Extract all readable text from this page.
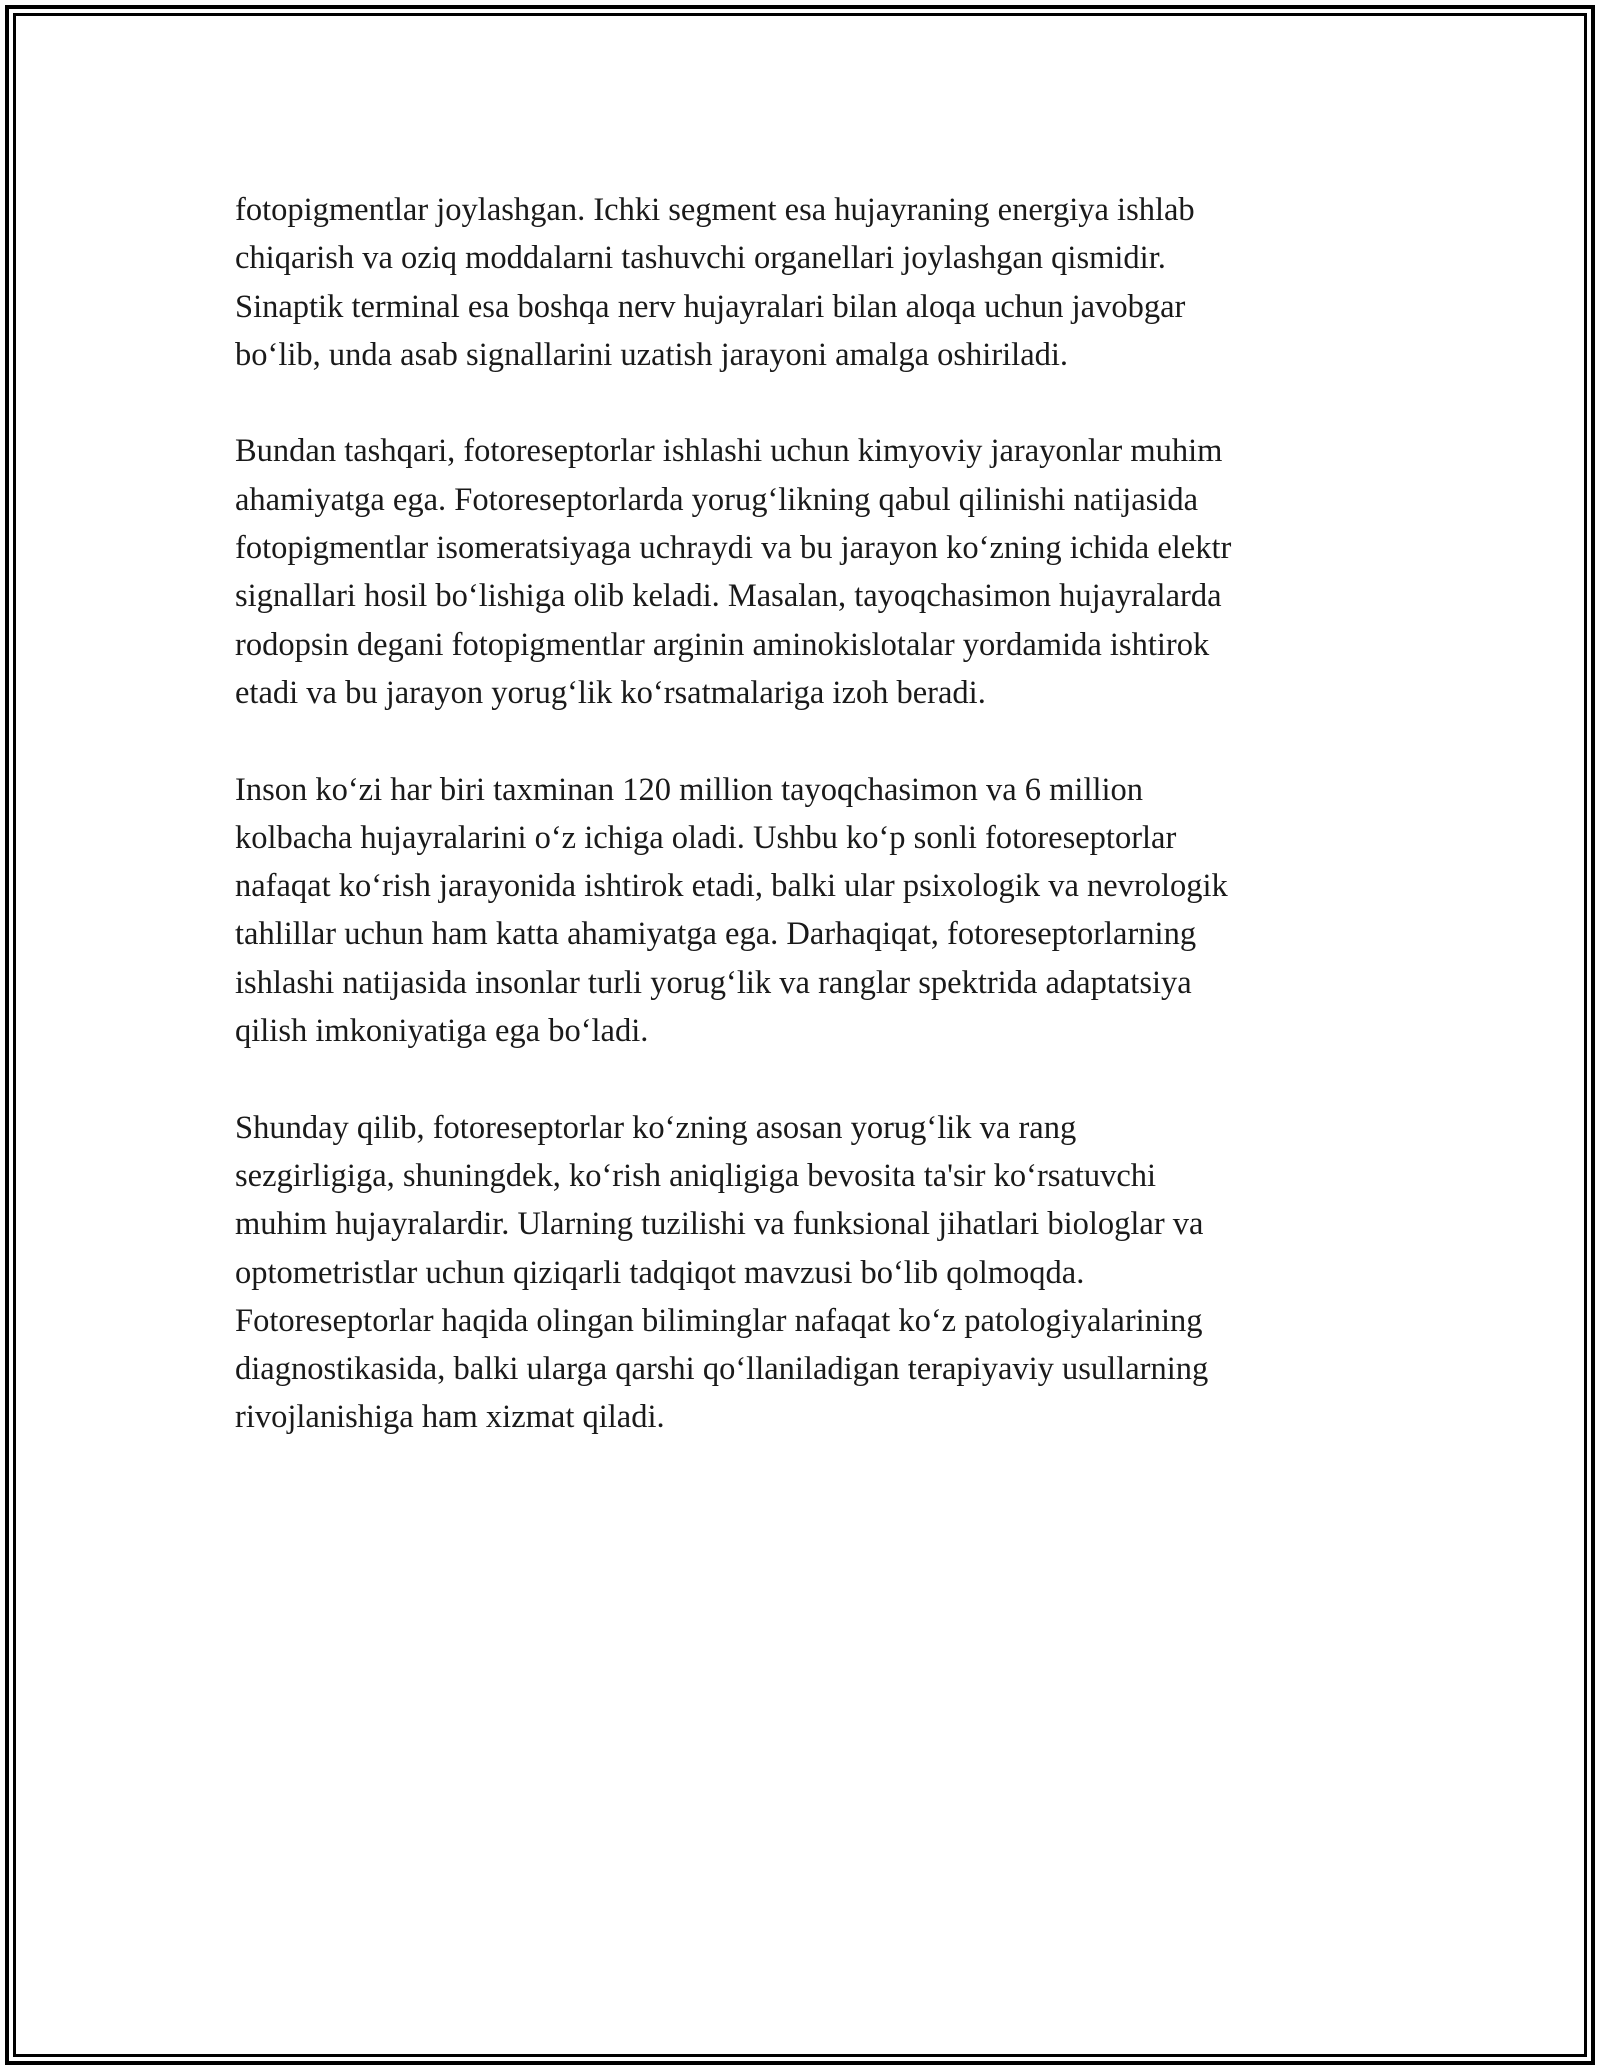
fotopigmentlar joylashgan. Ichki segment esa hujayraning energiya ishlab
chiqarish va oziq moddalarni tashuvchi organellari joylashgan qismidir.
Sinaptik terminal esa boshqa nerv hujayralari bilan aloqa uchun javobgar
bo‘lib, unda asab signallarini uzatish jarayoni amalga oshiriladi.

Bundan tashqari, fotoreseptorlar ishlashi uchun kimyoviy jarayonlar muhim
ahamiyatga ega. Fotoreseptorlarda yorug‘likning qabul qilinishi natijasida
fotopigmentlar isomeratsiyaga uchraydi va bu jarayon ko‘zning ichida elektr
signallari hosil bo‘lishiga olib keladi. Masalan, tayoqchasimon hujayralarda
rodopsin degani fotopigmentlar arginin aminokislotalar yordamida ishtirok
etadi va bu jarayon yorug‘lik ko‘rsatmalariga izoh beradi.

Inson ko‘zi har biri taxminan 120 million tayoqchasimon va 6 million
kolbacha hujayralarini o‘z ichiga oladi. Ushbu ko‘p sonli fotoreseptorlar
nafaqat ko‘rish jarayonida ishtirok etadi, balki ular psixologik va nevrologik
tahlillar uchun ham katta ahamiyatga ega. Darhaqiqat, fotoreseptorlarning
ishlashi natijasida insonlar turli yorug‘lik va ranglar spektrida adaptatsiya
qilish imkoniyatiga ega bo‘ladi.

Shunday qilib, fotoreseptorlar ko‘zning asosan yorug‘lik va rang
sezgirligiga, shuningdek, ko‘rish aniqligiga bevosita ta'sir ko‘rsatuvchi
muhim hujayralardir. Ularning tuzilishi va funksional jihatlari biologlar va
optometristlar uchun qiziqarli tadqiqot mavzusi bo‘lib qolmoqda.
Fotoreseptorlar haqida olingan biliminglar nafaqat ko‘z patologiyalarining
diagnostikasida, balki ularga qarshi qo‘llaniladigan terapiyaviy usullarning
rivojlanishiga ham xizmat qiladi.
